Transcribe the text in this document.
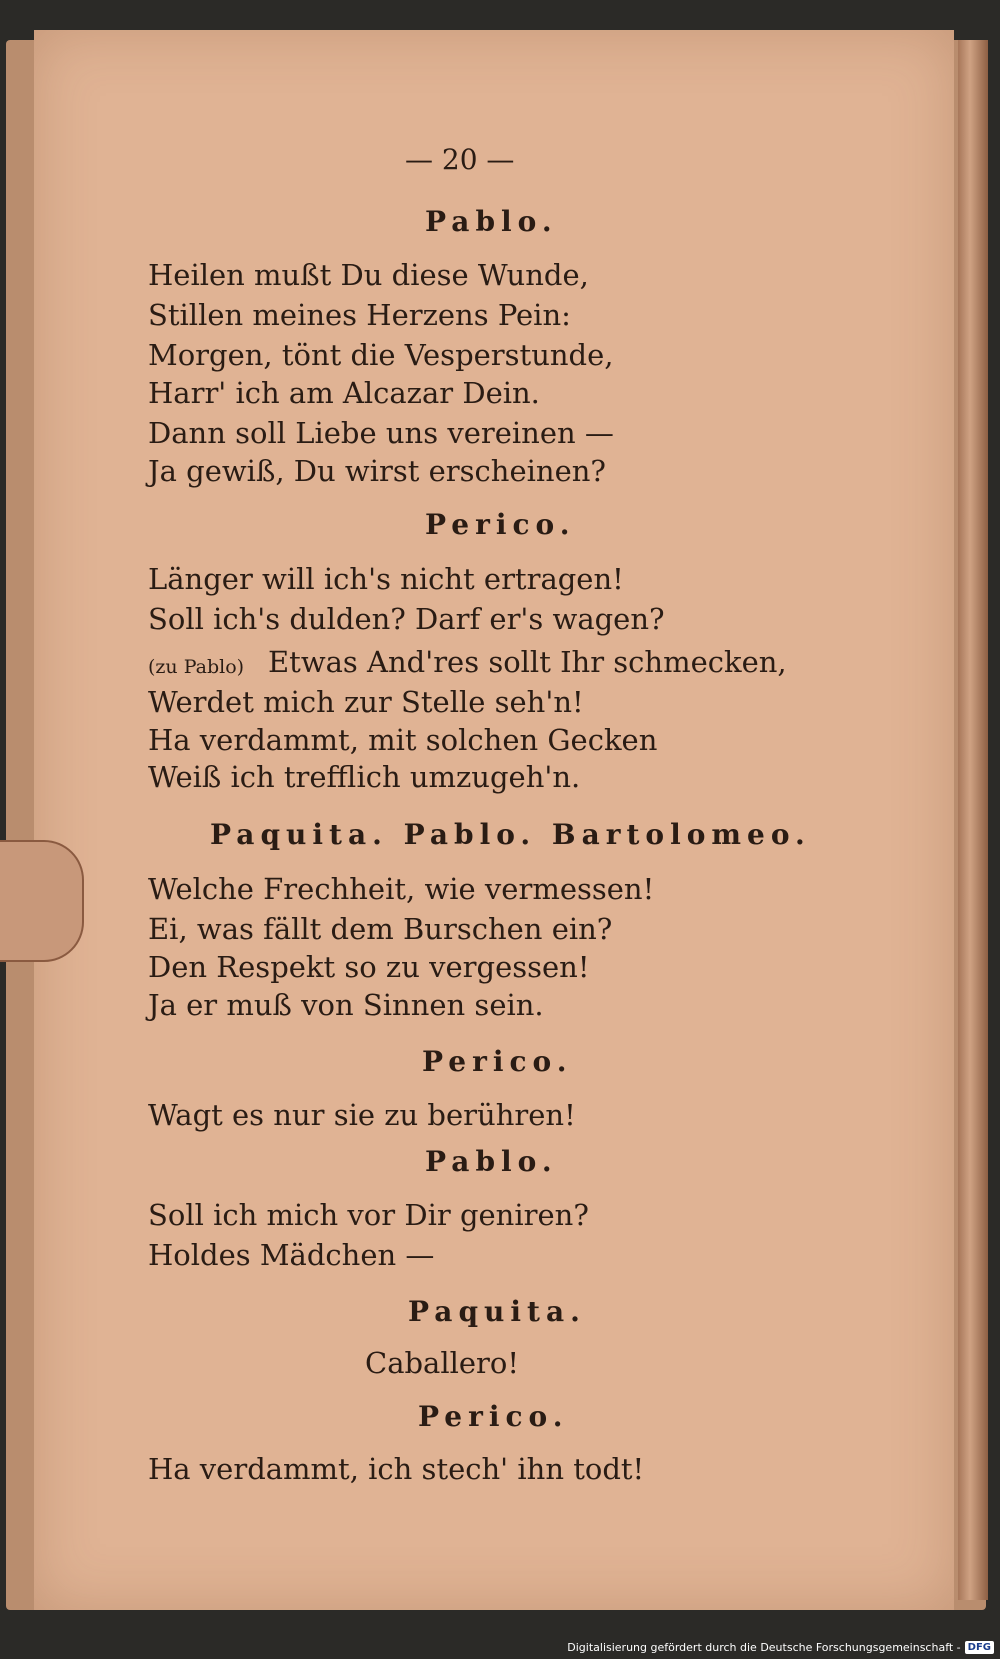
— 20 —
Pablo.
Heilen mußt Du diese Wunde,
Stillen meines Herzens Pein:
Morgen, tönt die Vesperstunde,
Harr' ich am Alcazar Dein.
Dann soll Liebe uns vereinen —
Ja gewiß, Du wirst erscheinen?
Perico.
Länger will ich's nicht ertragen!
Soll ich's dulden? Darf er's wagen?
(zu Pablo) Etwas And'res sollt Ihr schmecken,
Werdet mich zur Stelle seh'n!
Ha verdammt, mit solchen Gecken
Weiß ich trefflich umzugeh'n.
Paquita. Pablo. Bartolomeo.
Welche Frechheit, wie vermessen!
Ei, was fällt dem Burschen ein?
Den Respekt so zu vergessen!
Ja er muß von Sinnen sein.
Perico.
Wagt es nur sie zu berühren!
Pablo.
Soll ich mich vor Dir geniren?
Holdes Mädchen —
Paquita.
Caballero!
Perico.
Ha verdammt, ich stech' ihn todt!
Digitalisierung gefördert durch die Deutsche Forschungsgemeinschaft - DFG
